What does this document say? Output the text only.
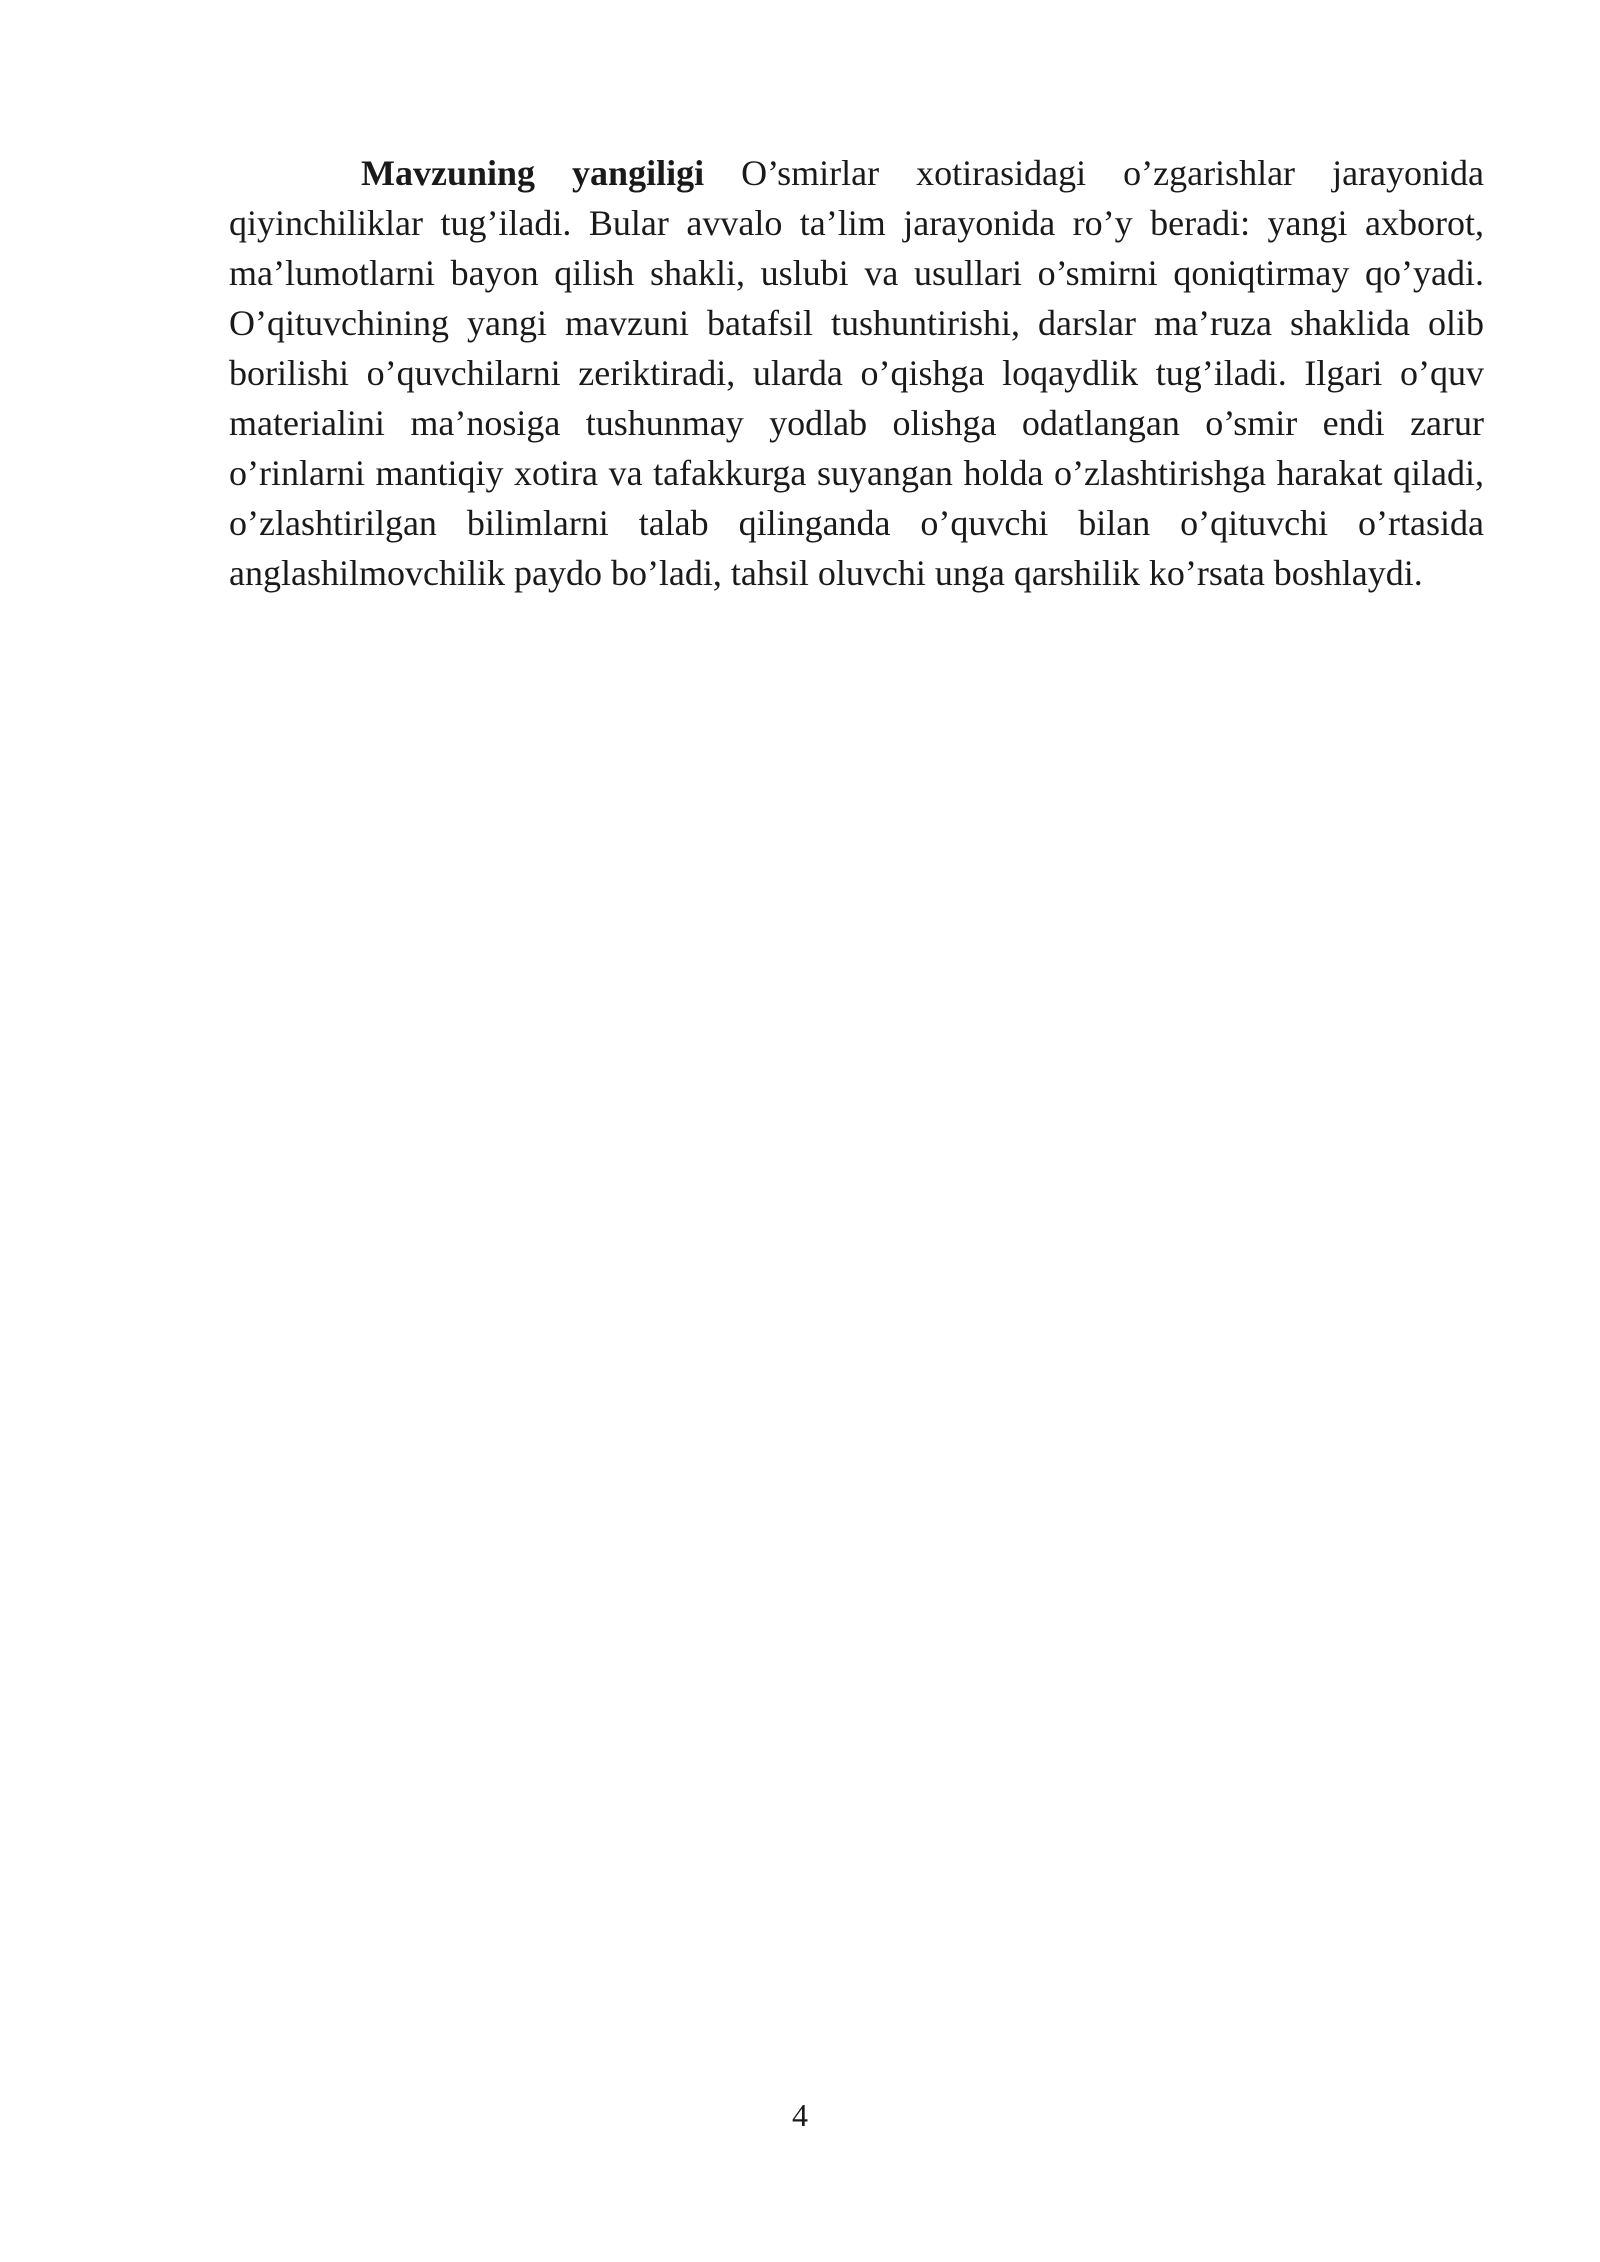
Mavzuning yangiligi O’smirlar xotirasidagi o’zgarishlar jarayonida qiyinchiliklar tug’iladi. Bular avvalo ta’lim jarayonida ro’y beradi: yangi axborot, ma’lumotlarni bayon qilish shakli, uslubi va usullari o’smirni qoniqtirmay qo’yadi. O’qituvchining yangi mavzuni batafsil tushuntirishi, darslar ma’ruza shaklida olib borilishi o’quvchilarni zeriktiradi, ularda o’qishga loqaydlik tug’iladi. Ilgari o’quv materialini ma’nosiga tushunmay yodlab olishga odatlangan o’smir endi zarur o’rinlarni mantiqiy xotira va tafakkurga suyangan holda o’zlashtirishga harakat qiladi, o’zlashtirilgan bilimlarni talab qilinganda o’quvchi bilan o’qituvchi o’rtasida anglashilmovchilik paydo bo’ladi, tahsil oluvchi unga qarshilik ko’rsata boshlaydi.

4
